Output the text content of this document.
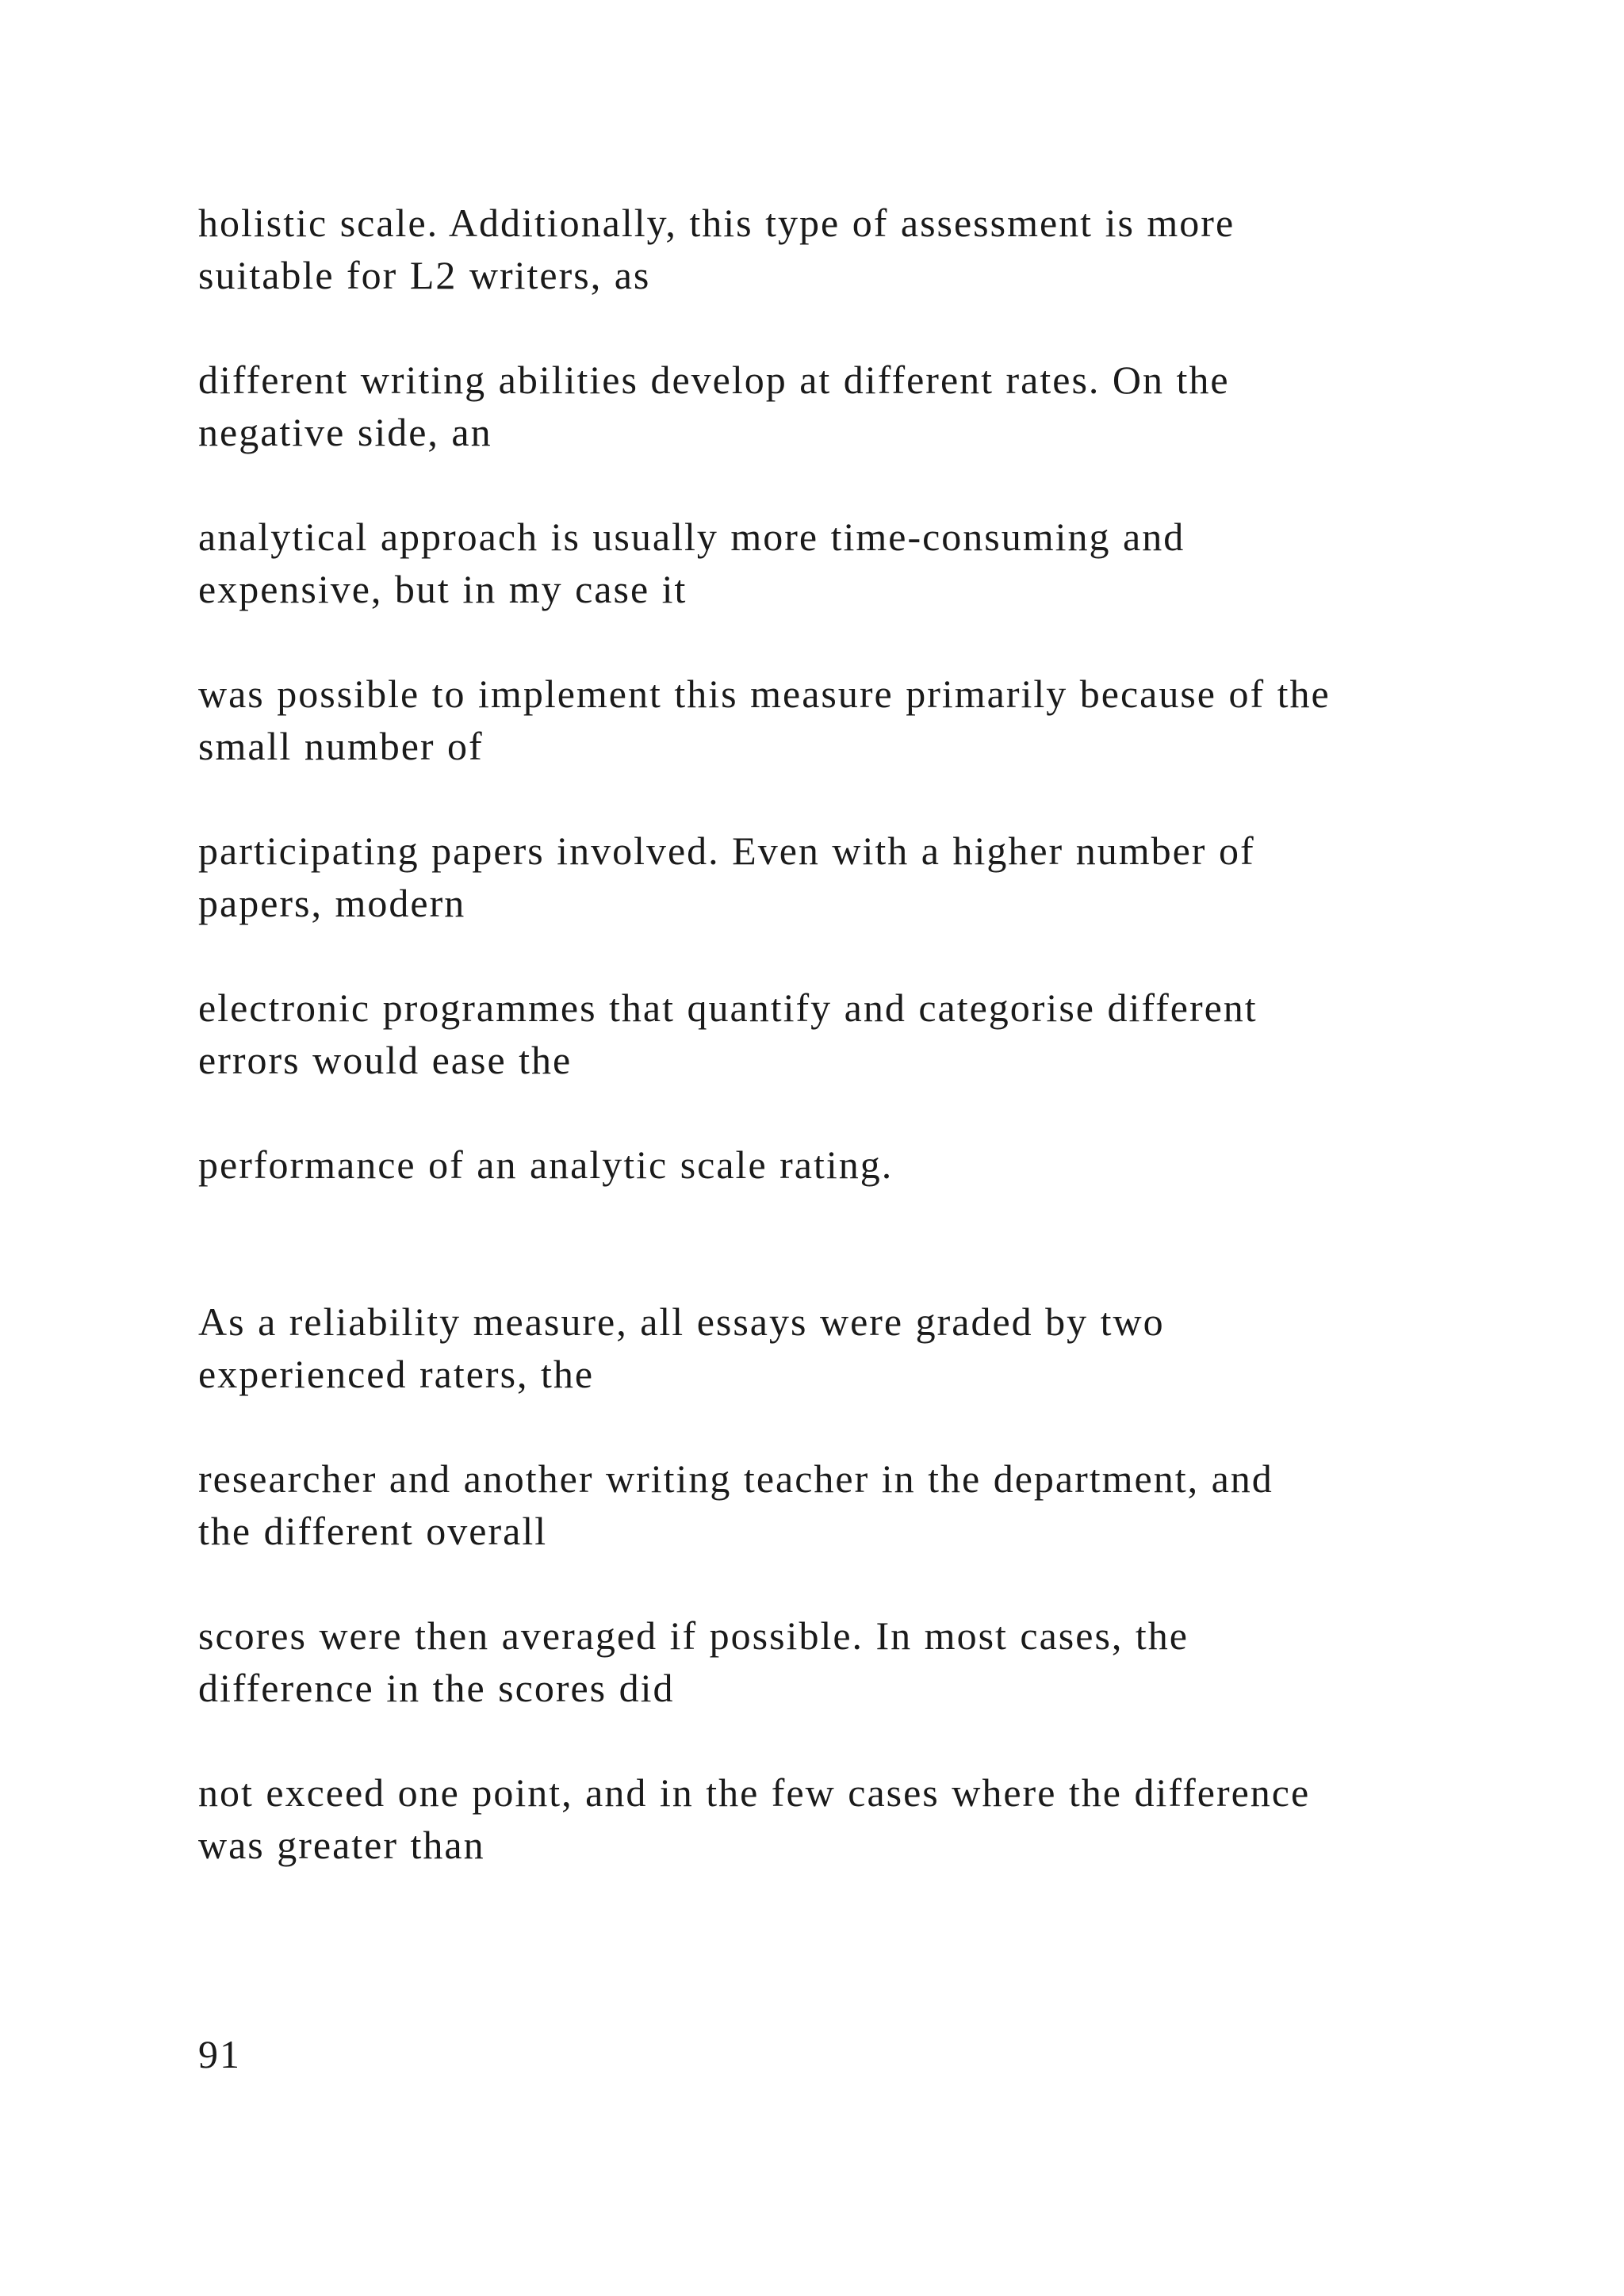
holistic scale. Additionally, this type of assessment is more
suitable for L2 writers, as

different writing abilities develop at different rates. On the
negative side, an

analytical approach is usually more time-consuming and
expensive, but in my case it

was possible to implement this measure primarily because of the
small number of

participating papers involved. Even with a higher number of
papers, modern

electronic programmes that quantify and categorise different
errors would ease the

performance of an analytic scale rating.

As a reliability measure, all essays were graded by two
experienced raters, the

researcher and another writing teacher in the department, and
the different overall

scores were then averaged if possible. In most cases, the
difference in the scores did

not exceed one point, and in the few cases where the difference
was greater than

91
